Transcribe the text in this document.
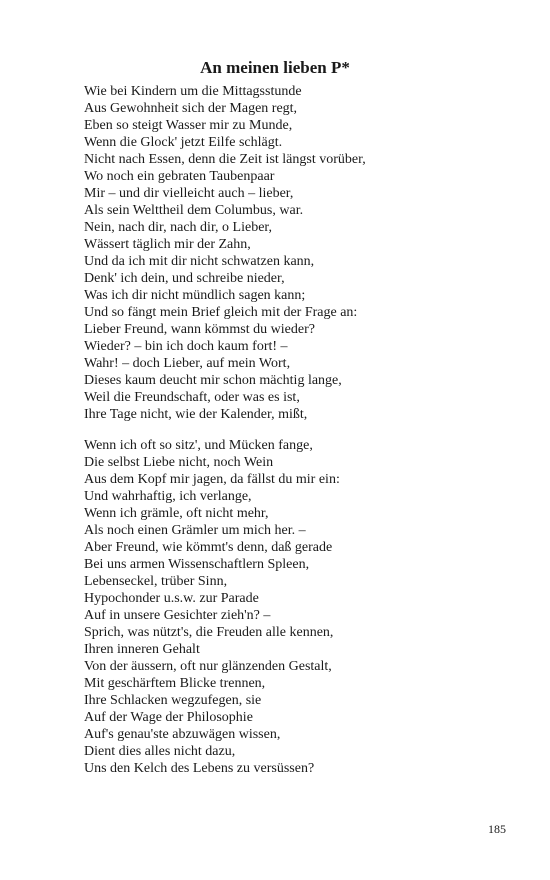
An meinen lieben P*
Wie bei Kindern um die Mittagsstunde
Aus Gewohnheit sich der Magen regt,
Eben so steigt Wasser mir zu Munde,
Wenn die Glock' jetzt Eilfe schlägt.
Nicht nach Essen, denn die Zeit ist längst vorüber,
Wo noch ein gebraten Taubenpaar
Mir – und dir vielleicht auch – lieber,
Als sein Welttheil dem Columbus, war.
Nein, nach dir, nach dir, o Lieber,
Wässert täglich mir der Zahn,
Und da ich mit dir nicht schwatzen kann,
Denk' ich dein, und schreibe nieder,
Was ich dir nicht mündlich sagen kann;
Und so fängt mein Brief gleich mit der Frage an:
Lieber Freund, wann kömmst du wieder?
Wieder? – bin ich doch kaum fort! –
Wahr! – doch Lieber, auf mein Wort,
Dieses kaum deucht mir schon mächtig lange,
Weil die Freundschaft, oder was es ist,
Ihre Tage nicht, wie der Kalender, mißt,
Wenn ich oft so sitz', und Mücken fange,
Die selbst Liebe nicht, noch Wein
Aus dem Kopf mir jagen, da fällst du mir ein:
Und wahrhaftig, ich verlange,
Wenn ich grämle, oft nicht mehr,
Als noch einen Grämler um mich her. –
Aber Freund, wie kömmt's denn, daß gerade
Bei uns armen Wissenschaftlern Spleen,
Lebenseckel, trüber Sinn,
Hypochonder u.s.w. zur Parade
Auf in unsere Gesichter zieh'n? –
Sprich, was nützt's, die Freuden alle kennen,
Ihren inneren Gehalt
Von der äussern, oft nur glänzenden Gestalt,
Mit geschärftem Blicke trennen,
Ihre Schlacken wegzufegen, sie
Auf der Wage der Philosophie
Auf's genau'ste abzuwägen wissen,
Dient dies alles nicht dazu,
Uns den Kelch des Lebens zu versüssen?
185
